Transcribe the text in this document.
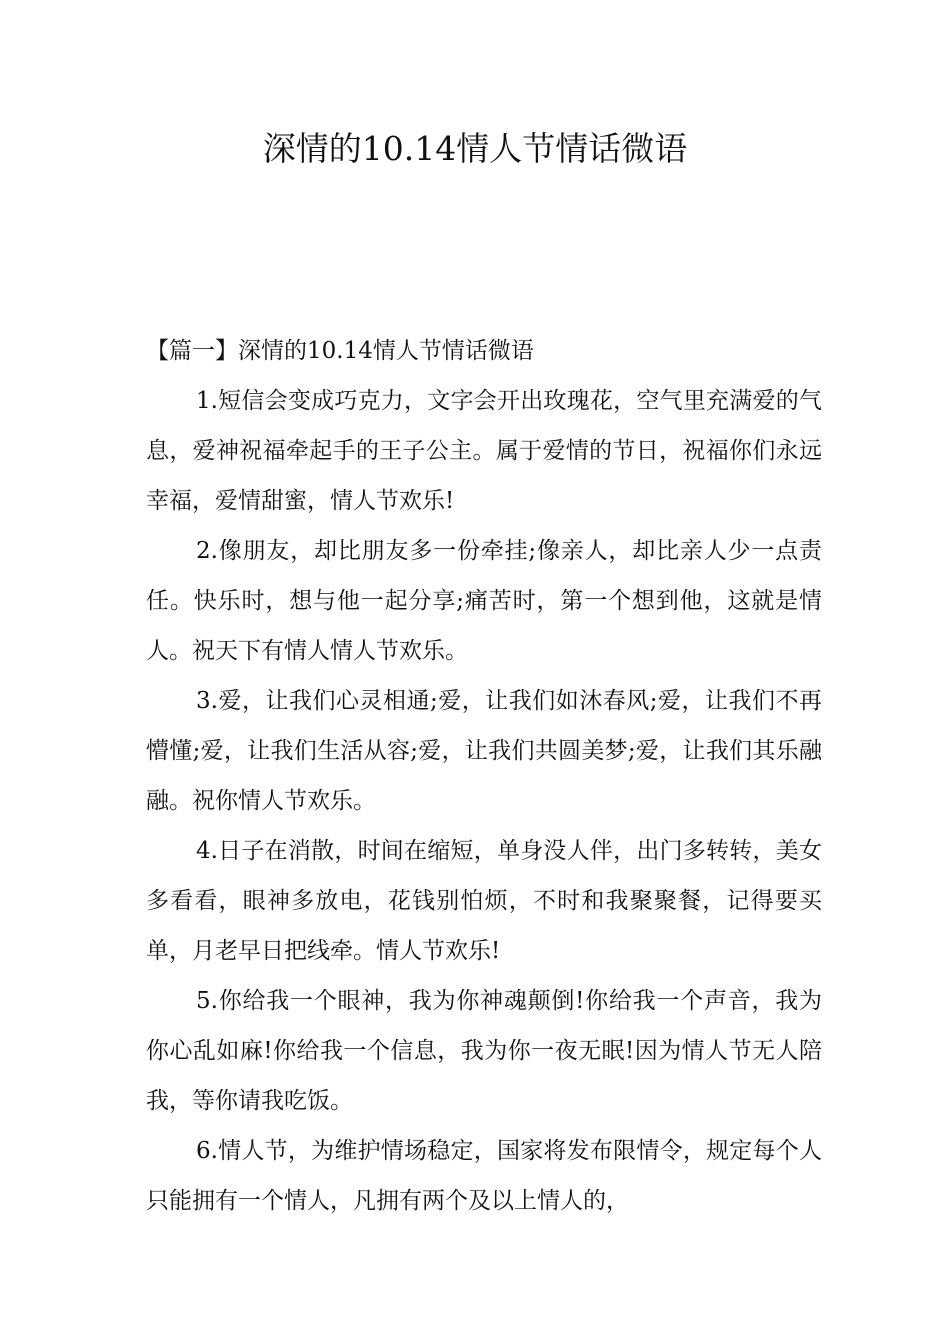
深情的10.14情人节情话微语
【篇一】深情的10.14情人节情话微语

1.短信会变成巧克力，文字会开出玫瑰花，空气里充满爱的气息，爱神祝福牵起手的王子公主。属于爱情的节日，祝福你们永远幸福，爱情甜蜜，情人节欢乐!

2.像朋友，却比朋友多一份牵挂;像亲人，却比亲人少一点责任。快乐时，想与他一起分享;痛苦时，第一个想到他，这就是情人。祝天下有情人情人节欢乐。

3.爱，让我们心灵相通;爱，让我们如沐春风;爱，让我们不再懵懂;爱，让我们生活从容;爱，让我们共圆美梦;爱，让我们其乐融融。祝你情人节欢乐。

4.日子在消散，时间在缩短，单身没人伴，出门多转转，美女多看看，眼神多放电，花钱别怕烦，不时和我聚聚餐，记得要买单，月老早日把线牵。情人节欢乐!

5.你给我一个眼神，我为你神魂颠倒!你给我一个声音，我为你心乱如麻!你给我一个信息，我为你一夜无眠!因为情人节无人陪我，等你请我吃饭。

6.情人节，为维护情场稳定，国家将发布限情令，规定每个人只能拥有一个情人，凡拥有两个及以上情人的，
